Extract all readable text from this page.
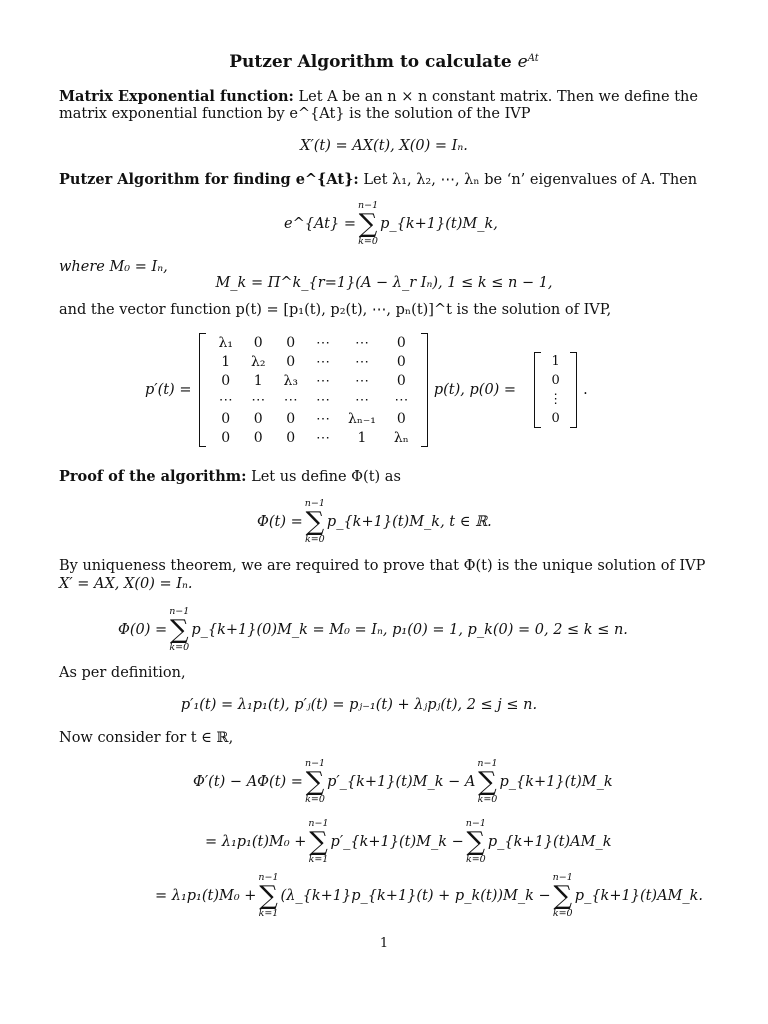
Putzer Algorithm to calculate $e^{At}$
Matrix Exponential function: Let A be an n × n constant matrix. Then we define the
matrix exponential function by e^{At} is the solution of the IVP
X′(t) = AX(t), X(0) = Iₙ.
Putzer Algorithm for finding e^{At}: Let λ₁, λ₂, ⋯, λₙ be ‘n’ eigenvalues of A. Then
e^{At} =
n−1
∑
k=0
p_{k+1}(t)M_k,
where M₀ = Iₙ,
M_k = Π^k_{r=1}(A − λ_r Iₙ), 1 ≤ k ≤ n − 1,
and the vector function p(t) = [p₁(t), p₂(t), ⋯, pₙ(t)]^t is the solution of IVP,
p′(t) =
λ₁	0	0	⋯	⋯	0
1	λ₂	0	⋯	⋯	0
0	1	λ₃	⋯	⋯	0
⋯	⋯	⋯	⋯	⋯	⋯
0	0	0	⋯	λₙ₋₁	0
0	0	0	⋯	1	λₙ
p(t), p(0) =
1
0
⋮
0
.
Proof of the algorithm: Let us define Φ(t) as
Φ(t) =
n−1
∑
k=0
p_{k+1}(t)M_k, t ∈ ℝ.
By uniqueness theorem, we are required to prove that Φ(t) is the unique solution of IVP
X′ = AX, X(0) = Iₙ.
Φ(0) =
n−1
∑
k=0
p_{k+1}(0)M_k = M₀ = Iₙ, p₁(0) = 1, p_k(0) = 0, 2 ≤ k ≤ n.
As per definition,
p′₁(t) = λ₁p₁(t), p′ⱼ(t) = pⱼ₋₁(t) + λⱼpⱼ(t), 2 ≤ j ≤ n.
Now consider for t ∈ ℝ,
Φ′(t) − AΦ(t) =
n−1
∑
k=0
p′_{k+1}(t)M_k − A
n−1
∑
k=0
p_{k+1}(t)M_k
= λ₁p₁(t)M₀ +
n−1
∑
k=1
p′_{k+1}(t)M_k −
n−1
∑
k=0
p_{k+1}(t)AM_k
= λ₁p₁(t)M₀ +
n−1
∑
k=1
(λ_{k+1}p_{k+1}(t) + p_k(t))M_k −
n−1
∑
k=0
p_{k+1}(t)AM_k.
1
